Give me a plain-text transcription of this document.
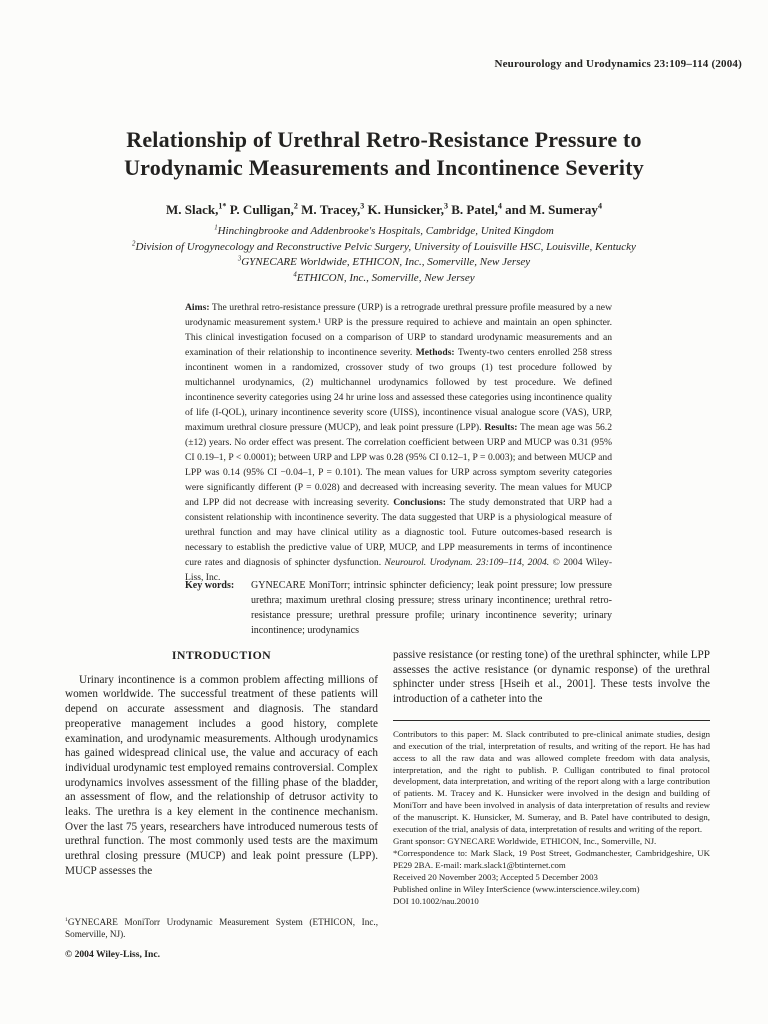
Neurourology and Urodynamics 23:109–114 (2004)
Relationship of Urethral Retro-Resistance Pressure to
Urodynamic Measurements and Incontinence Severity
M. Slack,$^{1*}$ P. Culligan,$^2$ M. Tracey,$^3$ K. Hunsicker,$^3$ B. Patel,$^4$ and M. Sumeray$^4$
$^1$Hinchingbrooke and Addenbrooke's Hospitals, Cambridge, United Kingdom
$^2$Division of Urogynecology and Reconstructive Pelvic Surgery, University of Louisville HSC, Louisville, Kentucky
$^3$GYNECARE Worldwide, ETHICON, Inc., Somerville, New Jersey
$^4$ETHICON, Inc., Somerville, New Jersey
Aims: The urethral retro-resistance pressure (URP) is a retrograde urethral pressure profile measured by a new urodynamic measurement system.¹ URP is the pressure required to achieve and maintain an open sphincter. This clinical investigation focused on a comparison of URP to standard urodynamic measurements and an examination of their relationship to incontinence severity. Methods: Twenty-two centers enrolled 258 stress incontinent women in a randomized, crossover study of two groups (1) test procedure followed by multichannel urodynamics, (2) multichannel urodynamics followed by test procedure. We defined incontinence severity categories using 24 hr urine loss and assessed these categories using incontinence quality of life (I-QOL), urinary incontinence severity score (UISS), incontinence visual analogue score (VAS), URP, maximum urethral closure pressure (MUCP), and leak point pressure (LPP). Results: The mean age was 56.2 (±12) years. No order effect was present. The correlation coefficient between URP and MUCP was 0.31 (95% CI 0.19–1, P < 0.0001); between URP and LPP was 0.28 (95% CI 0.12–1, P = 0.003); and between MUCP and LPP was 0.14 (95% CI −0.04–1, P = 0.101). The mean values for URP across symptom severity categories were significantly different (P = 0.028) and decreased with increasing severity. The mean values for MUCP and LPP did not decrease with increasing severity. Conclusions: The study demonstrated that URP had a consistent relationship with incontinence severity. The data suggested that URP is a physiological measure of urethral function and may have clinical utility as a diagnostic tool. Future outcomes-based research is necessary to establish the predictive value of URP, MUCP, and LPP measurements in terms of incontinence cure rates and diagnosis of sphincter dysfunction. Neurourol. Urodynam. 23:109–114, 2004. © 2004 Wiley-Liss, Inc.
Key words:	GYNECARE MoniTorr; intrinsic sphincter deficiency; leak point pressure; low pressure urethra; maximum urethral closing pressure; stress urinary incontinence; urethral retro-resistance pressure; urethral pressure profile; urinary incontinence severity; urinary incontinence; urodynamics
INTRODUCTION

Urinary incontinence is a common problem affecting millions of women worldwide. The successful treatment of these patients will depend on accurate assessment and diagnosis. The standard preoperative management includes a good history, complete examination, and urodynamic measurements. Although urodynamics has gained widespread clinical use, the value and accuracy of each individual urodynamic test employed remains controversial. Complex urodynamics involves assessment of the filling phase of the bladder, an assessment of flow, and the relationship of detrusor activity to leaks. The urethra is a key element in the continence mechanism. Over the last 75 years, researchers have introduced numerous tests of urethral function. The most commonly used tests are the maximum urethral closing pressure (MUCP) and leak point pressure (LPP). MUCP assesses the

passive resistance (or resting tone) of the urethral sphincter, while LPP assesses the active resistance (or dynamic response) of the urethral sphincter under stress [Hseih et al., 2001]. These tests involve the introduction of a catheter into the

Contributors to this paper: M. Slack contributed to pre-clinical animate studies, design and execution of the trial, interpretation of results, and writing of the report. He has had access to all the raw data and was allowed complete freedom with data analysis, interpretation, and the right to publish. P. Culligan contributed to final protocol development, data interpretation, and writing of the report along with a large contribution of patients. M. Tracey and K. Hunsicker were involved in the design and building of MoniTorr and have been involved in analysis of data interpretation of results and review of the manuscript. K. Hunsicker, M. Sumeray, and B. Patel have contributed to design, execution of the trial, analysis of data, interpretation of results and writing of the report.

Grant sponsor: GYNECARE Worldwide, ETHICON, Inc., Somerville, NJ.

*Correspondence to: Mark Slack, 19 Post Street, Godmanchester, Cambridgeshire, UK PE29 2BA. E-mail: mark.slack1@btinternet.com

Received 20 November 2003; Accepted 5 December 2003

Published online in Wiley InterScience (www.interscience.wiley.com)

DOI 10.1002/nau.20010

$^1$GYNECARE MoniTorr Urodynamic Measurement System (ETHICON, Inc., Somerville, NJ).
© 2004 Wiley-Liss, Inc.
